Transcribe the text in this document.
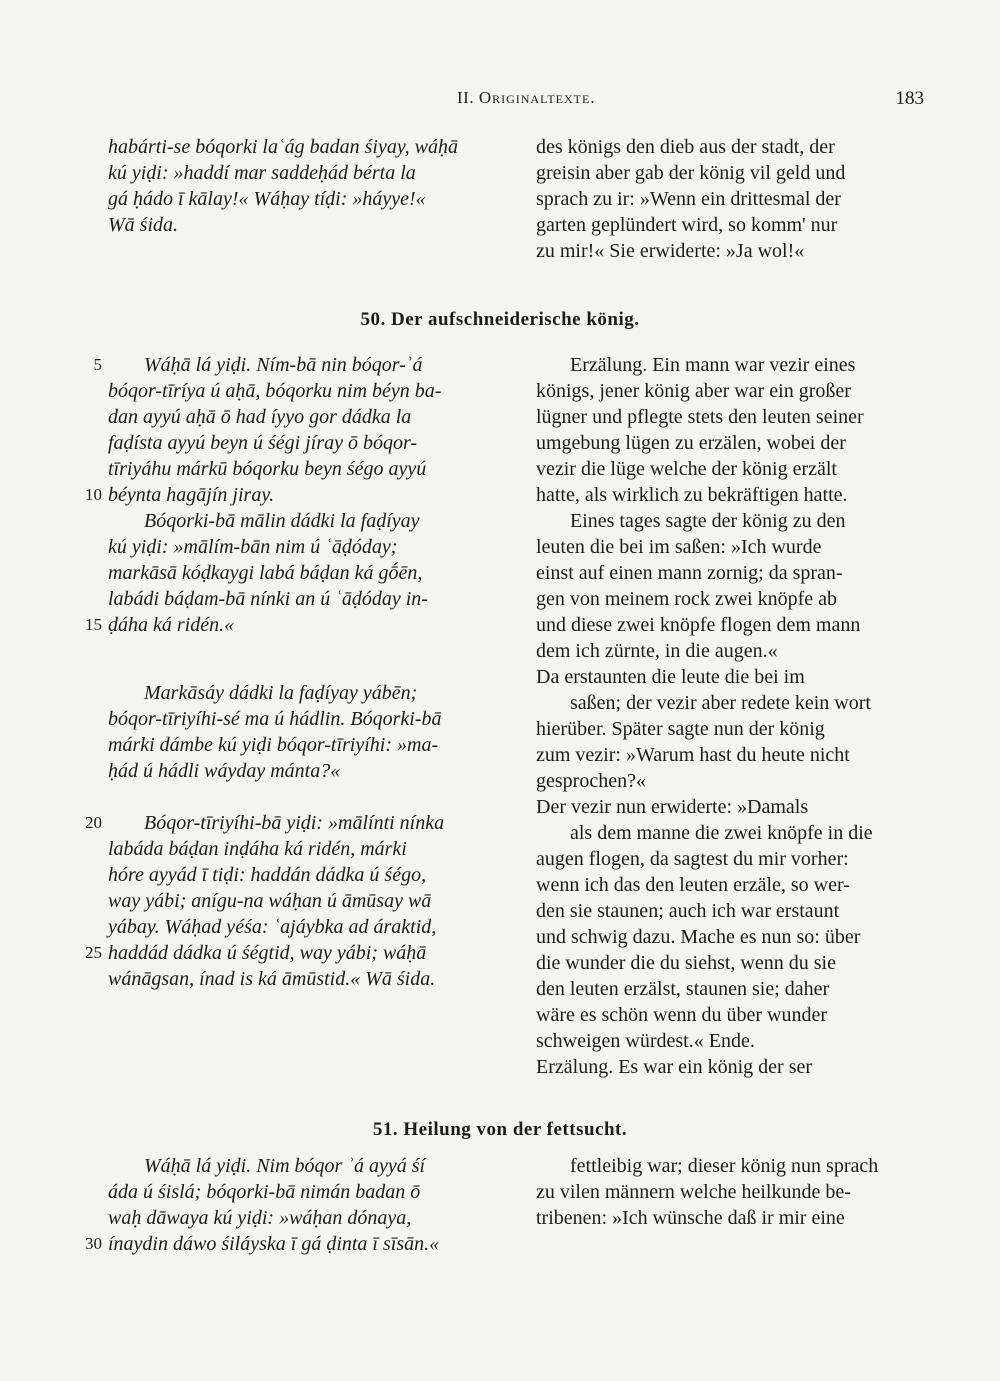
II. Originaltexte.	183
50. Der aufschneiderische könig.
51. Heilung von der fettsucht.
habárti-se bóqorki laʿág badan śiyay, wáḥā
kú yiḍi: »haddí mar saddeḥád bérta la
gá ḥádo ī kālay!« Wáḥay tíḍi: »háyye!«
Wā śida.
5 Wáḥā lá yiḍi. Ním-bā nin bóqor-ʾá
bóqor-tīríya ú aḥā, bóqorku nim béyn ba-
dan ayyú aḥā ō had íyyo gor dádka la
faḍísta ayyú beyn ú śégi jíray ō bóqor-
tīriyáhu márkū bóqorku beyn śégo ayyú
10 béynta hagājín jiray.
Bóqorki-bā mālin dádki la faḍíyay
kú yiḍi: »mālím-bān nim ú ʿāḍóday;
markāsā kóḍkaygi labá báḍan ká gṓēn,
labádi báḍam-bā nínki an ú ʿāḍóday in-
15 ḍáha ká ridén.«
Markāsáy dádki la faḍíyay yábēn;
bóqor-tīriyíhi-sé ma ú hádlin. Bóqorki-bā
márki dámbe kú yiḍi bóqor-tīriyíhi: »ma-
ḥád ú hádli wáyday mánta?«
20 Bóqor-tīriyíhi-bā yiḍi: »mālínti nínka
labáda báḍan inḍáha ká ridén, márki
hóre ayyád ī tiḍi: haddán dádka ú śégo,
way yábi; anígu-na wáḥan ú āmūsay wā
yábay. Wáḥad yéśa: ʿajáybka ad áraktid,
25 haddád dádka ú śégtid, way yábi; wáḥā
wánāgsan, ínad is ká āmūstid.« Wā śida.
Wáḥā lá yiḍi. Nim bóqor ʾá ayyá śí
áda ú śislá; bóqorki-bā nimán badan ō
waḥ dāwaya kú yiḍi: »wáḥan dónaya,
30 ínaydin dáwo śiláyska ī gá ḍinta ī sīsān.«
des königs den dieb aus der stadt, der
greisin aber gab der könig vil geld und
sprach zu ir: »Wenn ein drittesmal der
garten geplündert wird, so komm' nur
zu mir!« Sie erwiderte: »Ja wol!«
Erzälung. Ein mann war vezir eines
königs, jener könig aber war ein großer
lügner und pflegte stets den leuten seiner
umgebung lügen zu erzälen, wobei der
vezir die lüge welche der könig erzält
hatte, als wirklich zu bekräftigen hatte.
Eines tages sagte der könig zu den
leuten die bei im saßen: »Ich wurde
einst auf einen mann zornig; da spran-
gen von meinem rock zwei knöpfe ab
und diese zwei knöpfe flogen dem mann
dem ich zürnte, in die augen.«
Da erstaunten die leute die bei im
saßen; der vezir aber redete kein wort
hierüber. Später sagte nun der könig
zum vezir: »Warum hast du heute nicht
gesprochen?«
Der vezir nun erwiderte: »Damals
als dem manne die zwei knöpfe in die
augen flogen, da sagtest du mir vorher:
wenn ich das den leuten erzäle, so wer-
den sie staunen; auch ich war erstaunt
und schwig dazu. Mache es nun so: über
die wunder die du siehst, wenn du sie
den leuten erzälst, staunen sie; daher
wäre es schön wenn du über wunder
schweigen würdest.« Ende.
Erzälung. Es war ein könig der ser
fettleibig war; dieser könig nun sprach
zu vilen männern welche heilkunde be-
tribenen: »Ich wünsche daß ir mir eine
